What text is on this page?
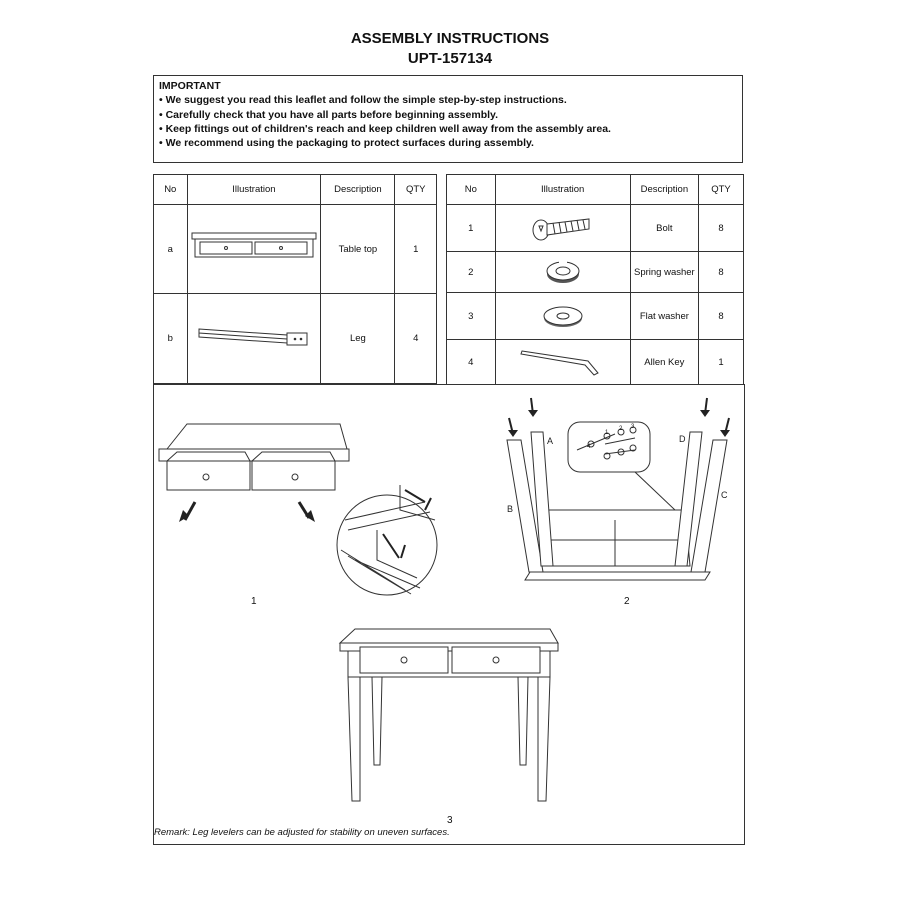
ASSEMBLY INSTRUCTIONS
UPT-157134
IMPORTANT
• We suggest you read this leaflet and follow the simple step-by-step instructions.
• Carefully check that you have all parts before beginning assembly.
• Keep fittings out of children's reach and keep children well away from the assembly area.
• We recommend using the packaging to protect surfaces during assembly.
No	Illustration	Description	QTY
a		Table top	1
b		Leg	4
No	Illustration	Description	QTY
1		Bolt	8
2		Spring washer	8
3		Flat washer	8
4		Allen Key	1
1
A
B
C
D
4
1
2 3
2
3
Remark: Leg levelers can be adjusted for stability on uneven surfaces.
